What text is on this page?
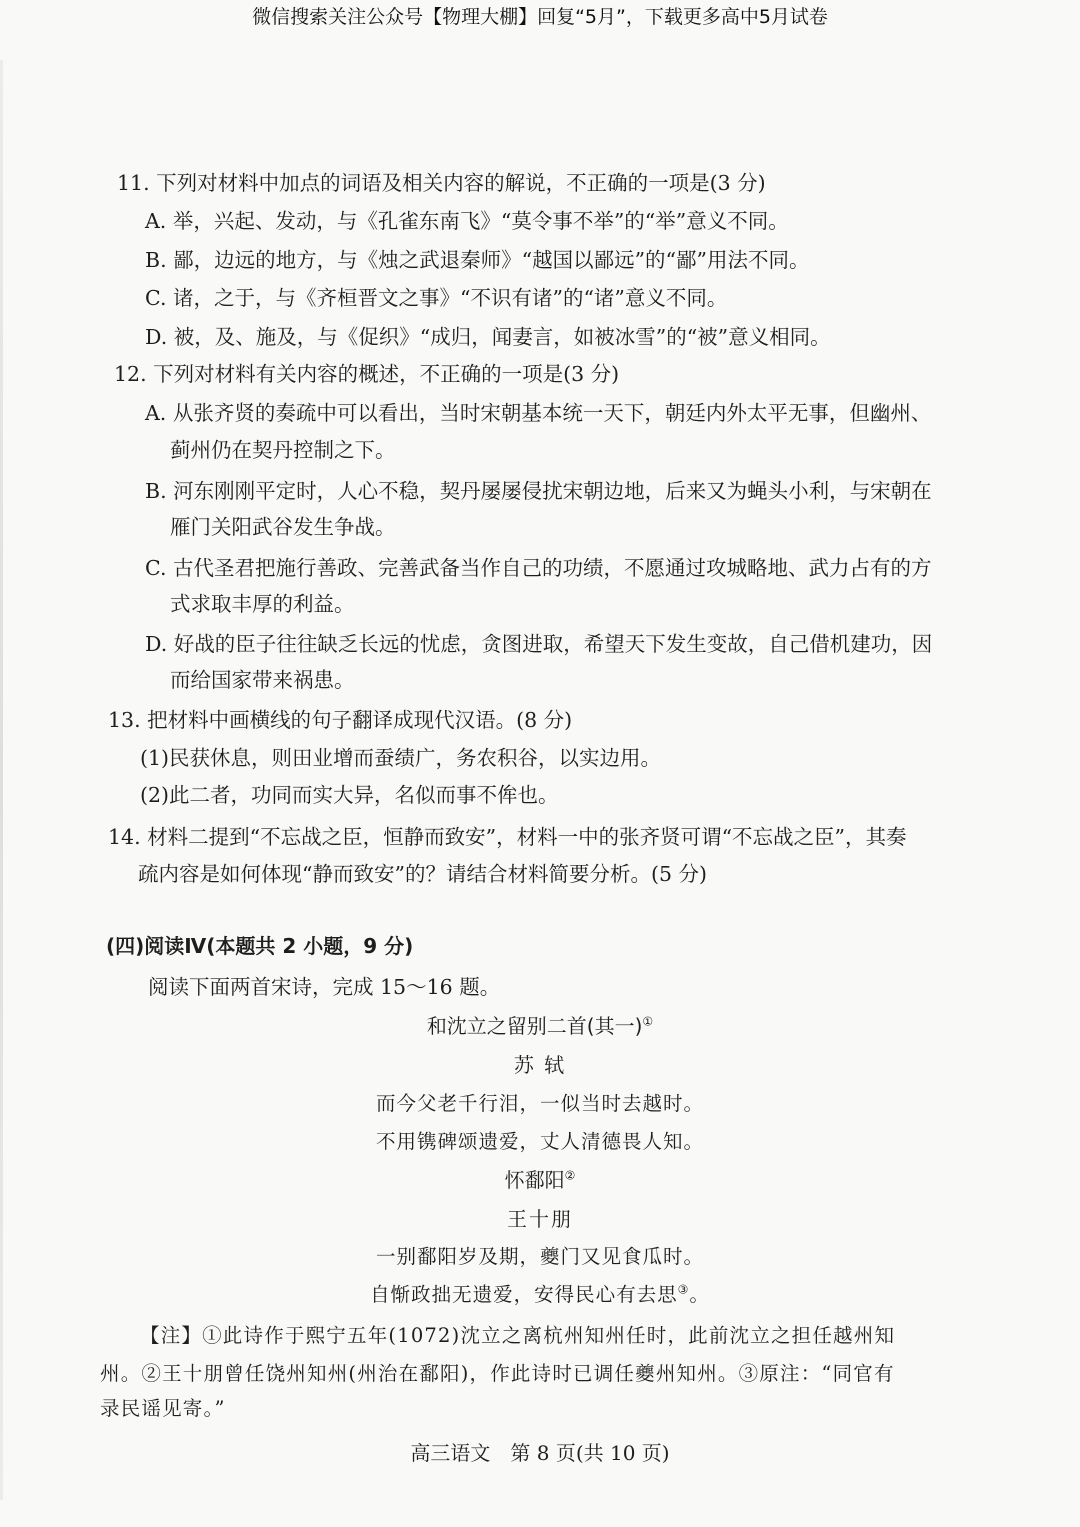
微信搜索关注公众号【物理大棚】回复“5月”，下载更多高中5月试卷
11. 下列对材料中加点的词语及相关内容的解说，不正确的一项是(3 分)
A. 举，兴起、发动，与《孔雀东南飞》“莫令事不举”的“举”意义不同。
B. 鄙，边远的地方，与《烛之武退秦师》“越国以鄙远”的“鄙”用法不同。
C. 诸，之于，与《齐桓晋文之事》“不识有诸”的“诸”意义不同。
D. 被，及、施及，与《促织》“成归，闻妻言，如被冰雪”的“被”意义相同。
12. 下列对材料有关内容的概述，不正确的一项是(3 分)
A. 从张齐贤的奏疏中可以看出，当时宋朝基本统一天下，朝廷内外太平无事，但幽州、
蓟州仍在契丹控制之下。
B. 河东刚刚平定时，人心不稳，契丹屡屡侵扰宋朝边地，后来又为蝇头小利，与宋朝在
雁门关阳武谷发生争战。
C. 古代圣君把施行善政、完善武备当作自己的功绩，不愿通过攻城略地、武力占有的方
式求取丰厚的利益。
D. 好战的臣子往往缺乏长远的忧虑，贪图进取，希望天下发生变故，自己借机建功，因
而给国家带来祸患。
13. 把材料中画横线的句子翻译成现代汉语。(8 分)
(1)民获休息，则田业增而蚕绩广，务农积谷，以实边用。
(2)此二者，功同而实大异，名似而事不侔也。
14. 材料二提到“不忘战之臣，恒静而致安”，材料一中的张齐贤可谓“不忘战之臣”，其奏
疏内容是如何体现“静而致安”的？请结合材料简要分析。(5 分)
(四)阅读Ⅳ(本题共 2 小题，9 分)
阅读下面两首宋诗，完成 15～16 题。
和沈立之留别二首(其一)①
苏 轼
而今父老千行泪，一似当时去越时。
不用镌碑颂遗爱，丈人清德畏人知。
怀鄱阳②
王十朋
一别鄱阳岁及期，夔门又见食瓜时。
自惭政拙无遗爱，安得民心有去思③。
【注】①此诗作于熙宁五年(1072)沈立之离杭州知州任时，此前沈立之担任越州知
州。②王十朋曾任饶州知州(州治在鄱阳)，作此诗时已调任夔州知州。③原注：“同官有
录民谣见寄。”
高三语文　第 8 页(共 10 页)
